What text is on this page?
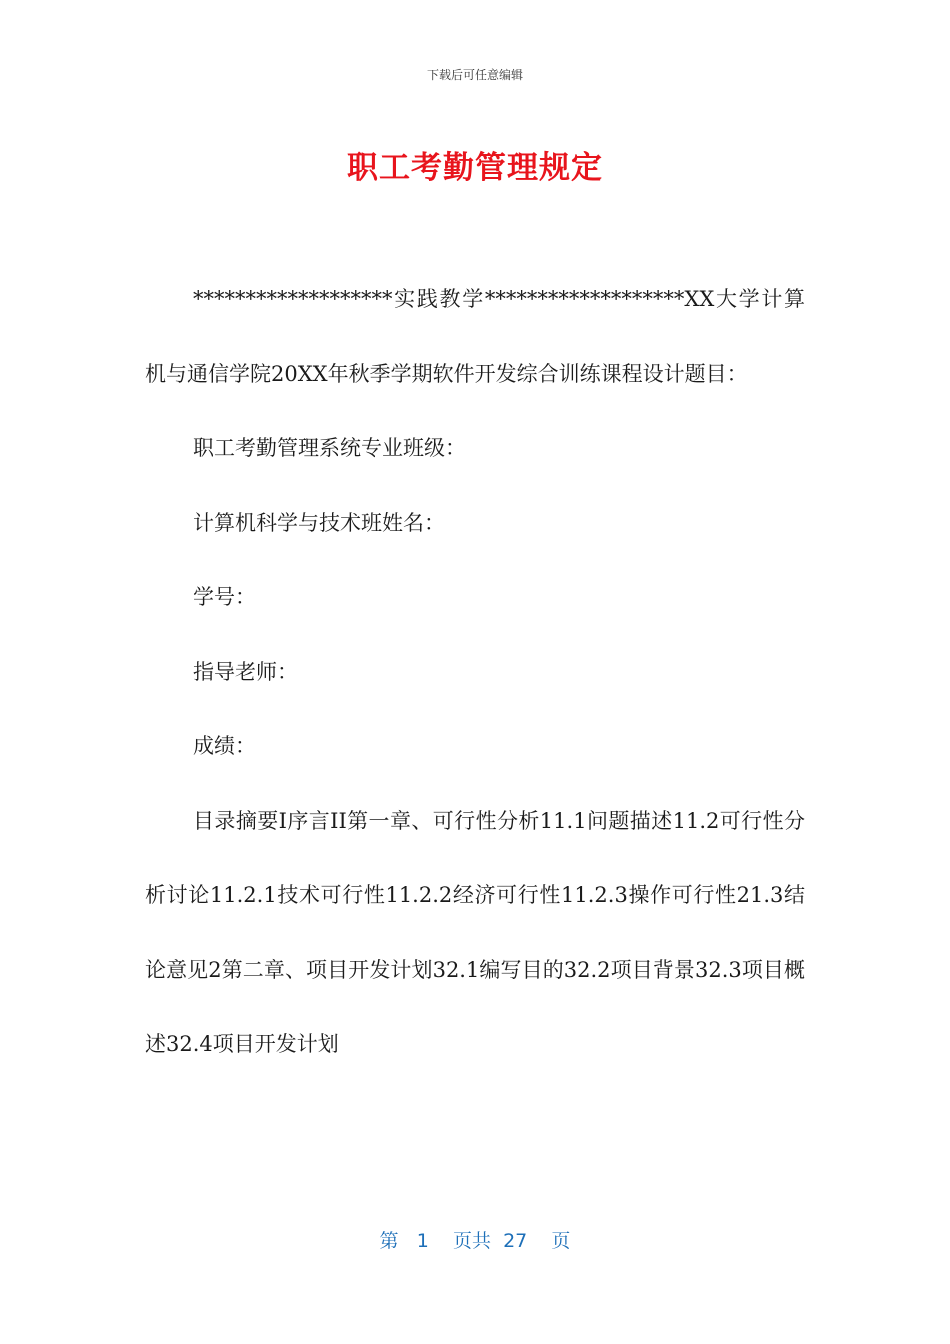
下载后可任意编辑
职工考勤管理规定

*******************实践教学*******************XX大学计算机与通信学院20XX年秋季学期软件开发综合训练课程设计题目：

职工考勤管理系统专业班级：

计算机科学与技术班姓名：

学号：

指导老师：

成绩：

目录摘要I序言II第一章、可行性分析11.1问题描述11.2可行性分析讨论11.2.1技术可行性11.2.2经济可行性11.2.3操作可行性21.3结论意见2第二章、项目开发计划32.1编写目的32.2项目背景32.3项目概述32.4项目开发计划

第 1 页共 27 页
